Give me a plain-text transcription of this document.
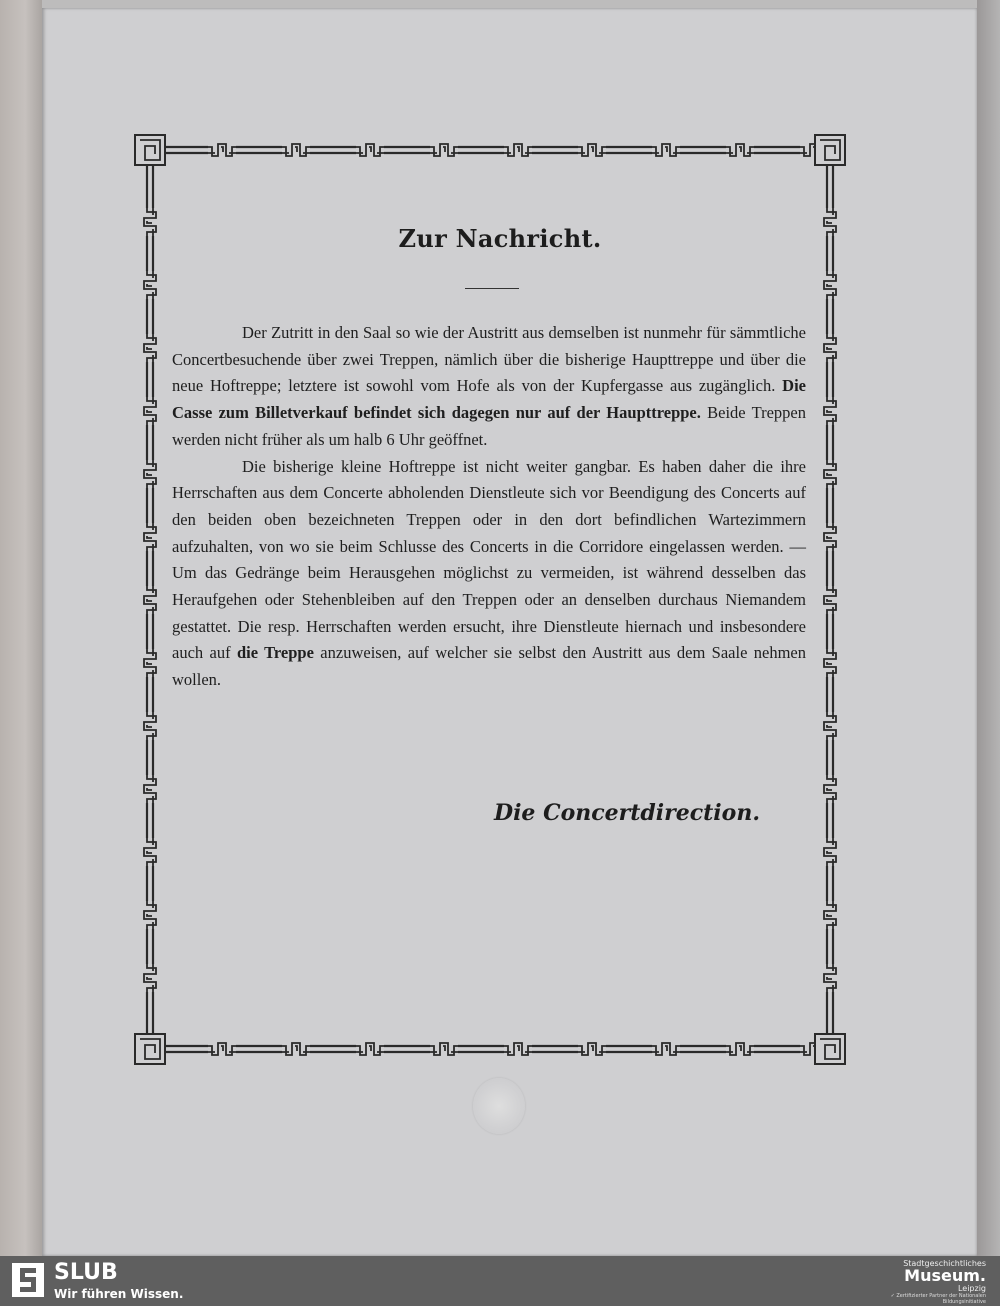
Zur Nachricht.

Der Zutritt in den Saal so wie der Austritt aus demselben ist nunmehr für sämmtliche Concertbesuchende über zwei Treppen, nämlich über die bisherige Haupttreppe und über die neue Hoftreppe; letztere ist sowohl vom Hofe als von der Kupfergasse aus zugänglich. Die Casse zum Billetverkauf befindet sich dagegen nur auf der Haupttreppe. Beide Treppen werden nicht früher als um halb 6 Uhr geöffnet.

Die bisherige kleine Hoftreppe ist nicht weiter gangbar. Es haben daher die ihre Herrschaften aus dem Concerte abholenden Dienstleute sich vor Beendigung des Concerts auf den beiden oben bezeichneten Treppen oder in den dort befindlichen Wartezimmern aufzuhalten, von wo sie beim Schlusse des Concerts in die Corridore eingelassen werden. — Um das Gedränge beim Herausgehen möglichst zu vermeiden, ist während desselben das Heraufgehen oder Stehenbleiben auf den Treppen oder an denselben durchaus Niemandem gestattet. Die resp. Herrschaften werden ersucht, ihre Dienstleute hiernach und insbesondere auch auf die Treppe anzuweisen, auf welcher sie selbst den Austritt aus dem Saale nehmen wollen.

Die Concertdirection.

SLUB
Wir führen Wissen.
Stadtgeschichtliches
Museum.
Leipzig
✓ Zertifizierter Partner der Nationalen Bildungsinitiative
